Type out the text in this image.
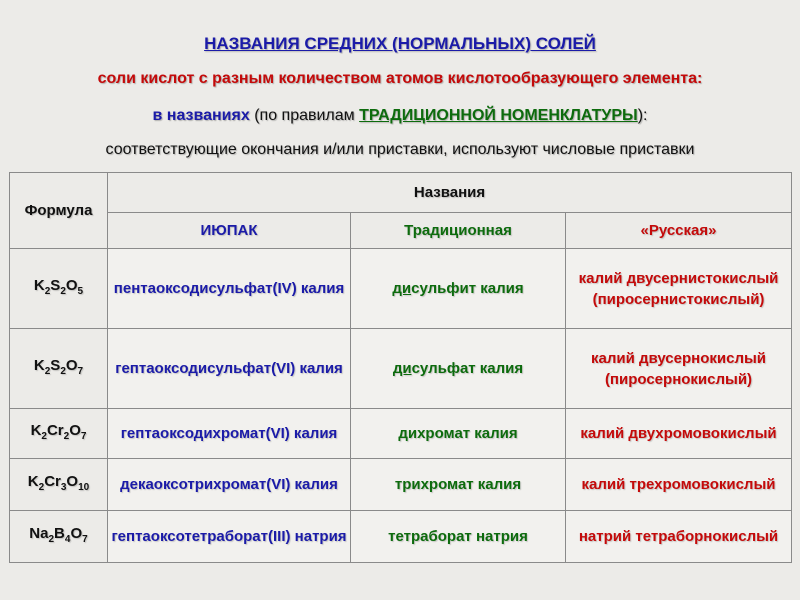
НАЗВАНИЯ СРЕДНИХ (НОРМАЛЬНЫХ) СОЛЕЙ
соли кислот с разным количеством атомов кислотообразующего элемента:
в названиях (по правилам ТРАДИЦИОННОЙ НОМЕНКЛАТУРЫ):
соответствующие окончания и/или приставки, используют числовые приставки
Формула	Названия		
	ИЮПАК	Традиционная	«Русская»
$K_2S_2O_5$	пентаоксодисульфат(IV) калия	дисульфит калия	калий двусернистокислый
(пиросернистокислый)

$K_2S_2O_7$	гептаоксодисульфат(VI) калия	дисульфат калия	калий двусернокислый
(пиросернокислый)

$K_2Cr_2O_7$	гептаоксодихромат(VI) калия	дихромат калия	калий двухромовокислый

$K_2Cr_3O_{10}$	декаоксотрихромат(VI) калия	трихромат калия	калий трехромовокислый

$Na_2B_4O_7$	гептаоксотетраборат(III) натрия	тетраборат натрия	натрий тетраборнокислый
